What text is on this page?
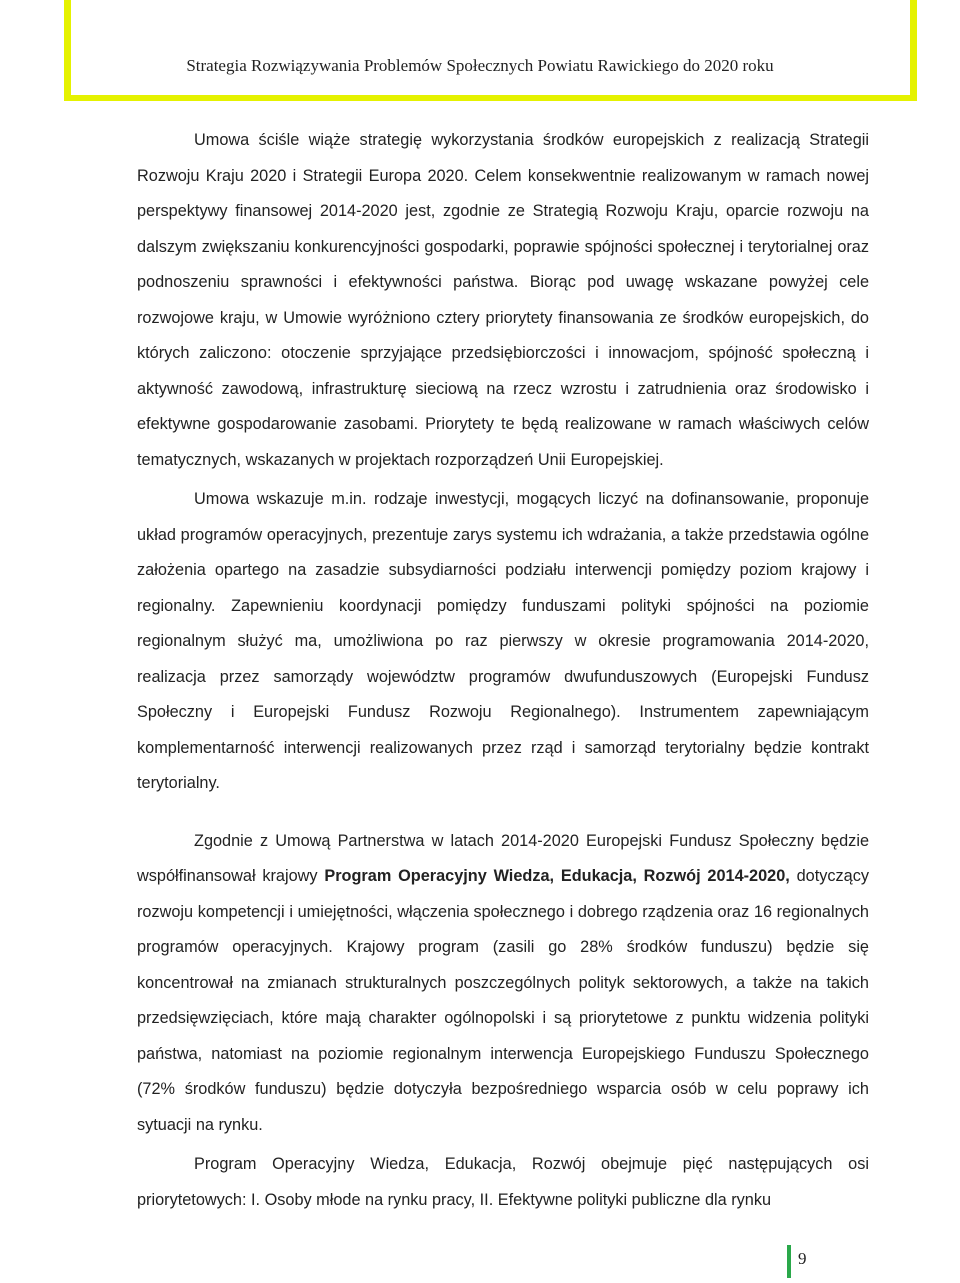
Strategia Rozwiązywania Problemów Społecznych Powiatu Rawickiego do 2020 roku

Umowa ściśle wiąże strategię wykorzystania środków europejskich z realizacją Strategii Rozwoju Kraju 2020 i Strategii Europa 2020. Celem konsekwentnie realizowanym w ramach nowej perspektywy finansowej 2014-2020 jest, zgodnie ze Strategią Rozwoju Kraju, oparcie rozwoju na dalszym zwiększaniu konkurencyjności gospodarki, poprawie spójności społecznej i terytorialnej oraz podnoszeniu sprawności i efektywności państwa. Biorąc pod uwagę wskazane powyżej cele rozwojowe kraju, w Umowie wyróżniono cztery priorytety finansowania ze środków europejskich, do których zaliczono: otoczenie sprzyjające przedsiębiorczości i innowacjom, spójność społeczną i aktywność zawodową, infrastrukturę sieciową na rzecz wzrostu i zatrudnienia oraz środowisko i efektywne gospodarowanie zasobami. Priorytety te będą realizowane w ramach właściwych celów tematycznych, wskazanych w projektach rozporządzeń Unii Europejskiej.

Umowa wskazuje m.in. rodzaje inwestycji, mogących liczyć na dofinansowanie, proponuje układ programów operacyjnych, prezentuje zarys systemu ich wdrażania, a także przedstawia ogólne założenia opartego na zasadzie subsydiarności podziału interwencji pomiędzy poziom krajowy i regionalny. Zapewnieniu koordynacji pomiędzy funduszami polityki spójności na poziomie regionalnym służyć ma, umożliwiona po raz pierwszy w okresie programowania 2014-2020, realizacja przez samorządy województw programów dwufunduszowych (Europejski Fundusz Społeczny i Europejski Fundusz Rozwoju Regionalnego). Instrumentem zapewniającym komplementarność interwencji realizowanych przez rząd i samorząd terytorialny będzie kontrakt terytorialny.

Zgodnie z Umową Partnerstwa w latach 2014-2020 Europejski Fundusz Społeczny będzie współfinansował krajowy Program Operacyjny Wiedza, Edukacja, Rozwój 2014-2020, dotyczący rozwoju kompetencji i umiejętności, włączenia społecznego i dobrego rządzenia oraz 16 regionalnych programów operacyjnych. Krajowy program (zasili go 28% środków funduszu) będzie się koncentrował na zmianach strukturalnych poszczególnych polityk sektorowych, a także na takich przedsięwzięciach, które mają charakter ogólnopolski i są priorytetowe z punktu widzenia polityki państwa, natomiast na poziomie regionalnym interwencja Europejskiego Funduszu Społecznego (72% środków funduszu) będzie dotyczyła bezpośredniego wsparcia osób w celu poprawy ich sytuacji na rynku.

Program Operacyjny Wiedza, Edukacja, Rozwój obejmuje pięć następujących osi priorytetowych: I. Osoby młode na rynku pracy, II. Efektywne polityki publiczne dla rynku

9
